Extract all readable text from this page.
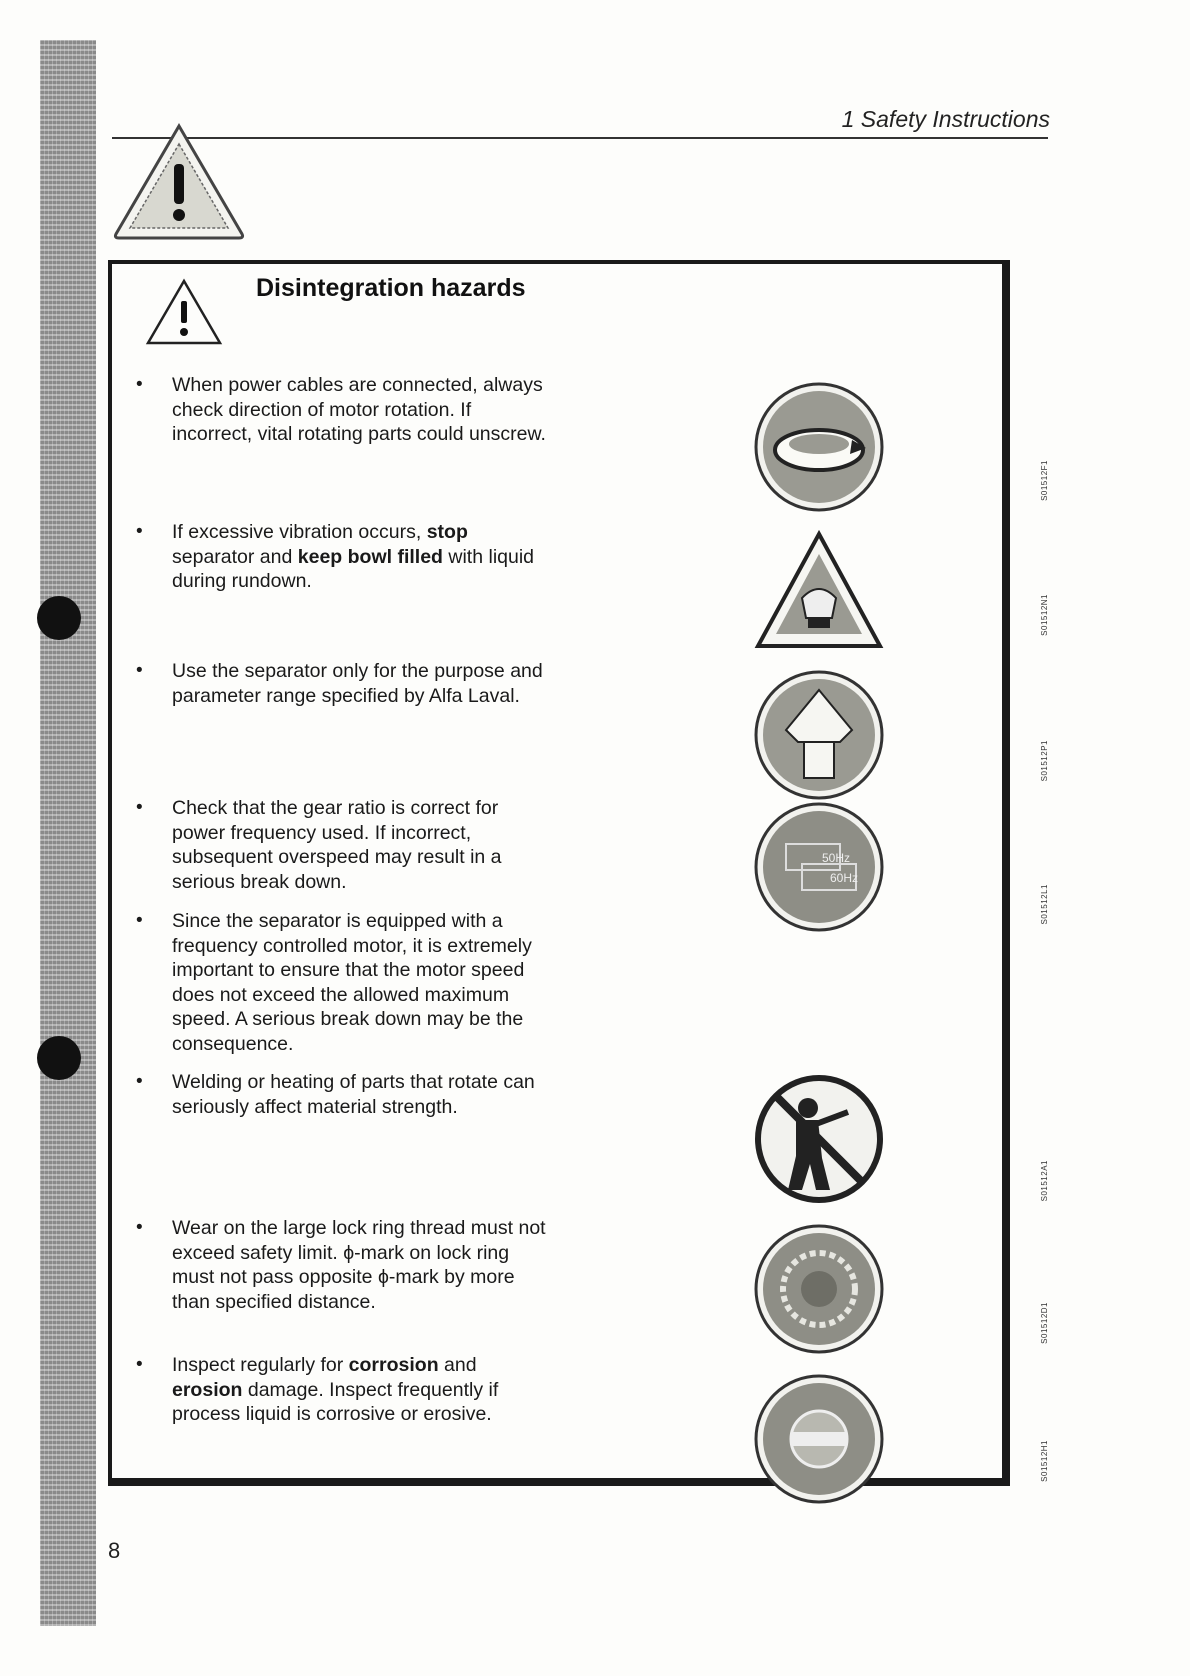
1 Safety Instructions
Disintegration hazards
• When power cables are connected, always check direction of motor rotation. If incorrect, vital rotating parts could unscrew.
• If excessive vibration occurs, stop separator and keep bowl filled with liquid during rundown.
• Use the separator only for the purpose and parameter range specified by Alfa Laval.
• Check that the gear ratio is correct for power frequency used. If incorrect, subsequent overspeed may result in a serious break down.
• Since the separator is equipped with a frequency controlled motor, it is extremely important to ensure that the motor speed does not exceed the allowed maximum speed. A serious break down may be the consequence.
• Welding or heating of parts that rotate can seriously affect material strength.
• Wear on the large lock ring thread must not exceed safety limit. ϕ-mark on lock ring must not pass opposite ϕ-mark by more than specified distance.
• Inspect regularly for corrosion and erosion damage. Inspect frequently if process liquid is corrosive or erosive.
50Hz
60Hz
S01512F1
S01512N1
S01512P1
S01512L1
S01512A1
S01512D1
S01512H1
8
